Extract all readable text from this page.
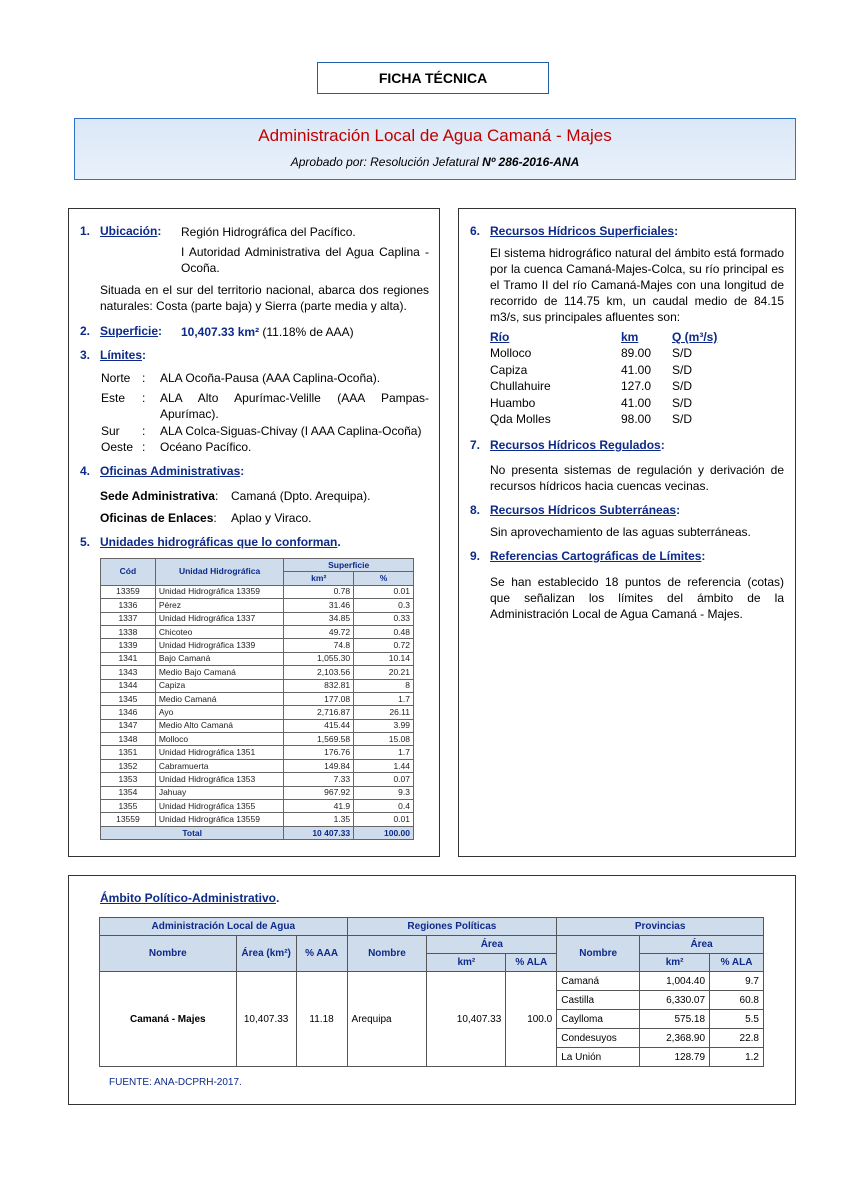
FICHA TÉCNICA
Administración Local de Agua Camaná - Majes
Aprobado por: Resolución Jefatural Nº 286-2016-ANA
1. Ubicación: Región Hidrográfica del Pacífico.
I Autoridad Administrativa del Agua Caplina - Ocoña.
Situada en el sur del territorio nacional, abarca dos regiones naturales: Costa (parte baja) y Sierra (parte media y alta).
2. Superficie: 10,407.33 km² (11.18% de AAA)
3. Límites:
Norte : ALA Ocoña-Pausa (AAA Caplina-Ocoña).
Este : ALA Alto Apurímac-Velille (AAA Pampas-Apurímac).
Sur : ALA Colca-Siguas-Chivay (I AAA Caplina-Ocoña)
Oeste : Océano Pacífico.
4. Oficinas Administrativas:
Sede Administrativa: Camaná (Dpto. Arequipa).
Oficinas de Enlaces: Aplao y Viraco.
5. Unidades hidrográficas que lo conforman.
Cód	Unidad Hidrográfica	Superficie	
		km²	%
13359	Unidad Hidrográfica 13359	0.78	0.01
1336	Pérez	31.46	0.3
1337	Unidad Hidrográfica 1337	34.85	0.33
1338	Chicoteo	49.72	0.48
1339	Unidad Hidrográfica 1339	74.8	0.72
1341	Bajo Camaná	1,055.30	10.14
1343	Medio Bajo Camaná	2,103.56	20.21
1344	Capiza	832.81	8
1345	Medio Camaná	177.08	1.7
1346	Ayo	2,716.87	26.11
1347	Medio Alto Camaná	415.44	3.99
1348	Molloco	1,569.58	15.08
1351	Unidad Hidrográfica 1351	176.76	1.7
1352	Cabramuerta	149.84	1.44
1353	Unidad Hidrográfica 1353	7.33	0.07
1354	Jahuay	967.92	9.3
1355	Unidad Hidrográfica 1355	41.9	0.4
13559	Unidad Hidrográfica 13559	1.35	0.01
Total		10 407.33	100.00
6. Recursos Hídricos Superficiales:
El sistema hidrográfico natural del ámbito está formado por la cuenca Camaná-Majes-Colca, su río principal es el Tramo II del río Camaná-Majes con una longitud de recorrido de 114.75 km, un caudal medio de 84.15 m3/s, sus principales afluentes son:
Río	km	Q (m³/s)
Molloco	89.00 S/D
Capiza	41.00 S/D
Chullahuire	127.0 S/D
Huambo	41.00 S/D
Qda Molles	98.00 S/D
7. Recursos Hídricos Regulados:
No presenta sistemas de regulación y derivación de recursos hídricos hacia cuencas vecinas.
8. Recursos Hídricos Subterráneas:
Sin aprovechamiento de las aguas subterráneas.
9. Referencias Cartográficas de Límites:
Se han establecido 18 puntos de referencia (cotas) que señalizan los límites del ámbito de la Administración Local de Agua Camaná - Majes.
Ámbito Político-Administrativo.
Administración Local de Agua			Regiones Políticas			Provincias		
Nombre	Área (km²)	% AAA	Nombre	Área		Nombre	Área	
				km²	% ALA		km²	% ALA
Camaná - Majes	10,407.33	11.18	Arequipa	10,407.33	100.0	Camaná	1,004.40	9.7
						Castilla	6,330.07	60.8
						Caylloma	575.18	5.5
						Condesuyos	2,368.90	22.8
						La Unión	128.79	1.2
FUENTE: ANA-DCPRH-2017.
